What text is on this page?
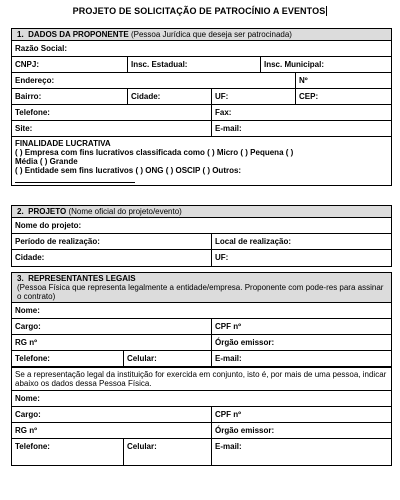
PROJETO DE SOLICITAÇÃO DE PATROCÍNIO A EVENTOS
1. DADOS DA PROPONENTE (Pessoa Jurídica que deseja ser patrocinada)
Razão Social:
CNPJ:	Insc. Estadual:	Insc. Municipal:
Endereço:	Nº
Bairro:	Cidade:	UF:	CEP:
Telefone:	Fax:
Site:	E-mail:
FINALIDADE LUCRATIVA
( ) Empresa com fins lucrativos classificada como ( ) Micro ( ) Pequena ( )
Média ( ) Grande
( ) Entidade sem fins lucrativos ( ) ONG ( ) OSCIP ( ) Outros:
2. PROJETO (Nome oficial do projeto/evento)
Nome do projeto:
Período de realização:	Local de realização:
Cidade:	UF:
3. REPRESENTANTES LEGAIS
(Pessoa Física que representa legalmente a entidade/empresa. Proponente com pode-res para assinar o contrato)
Nome:
Cargo:	CPF nº
RG nº	Órgão emissor:
Telefone:	Celular:	E-mail:
Se a representação legal da instituição for exercida em conjunto, isto é, por mais de uma pessoa, indicar abaixo os dados dessa Pessoa Física.
Nome:
Cargo:	CPF nº
RG nº	Órgão emissor:
Telefone:	Celular:	E-mail:
